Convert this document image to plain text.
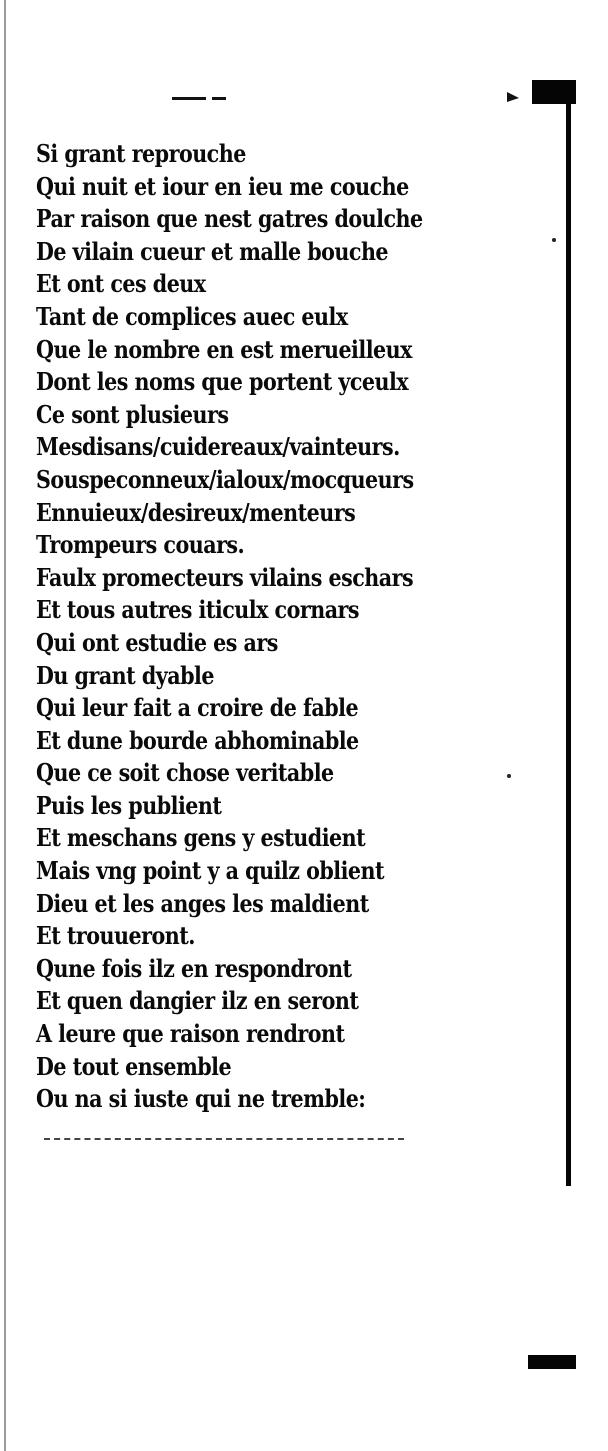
Si grant reprouche
Qui nuit et iour en ieu me couche
Par raison que nest gatres doulche
De vilain cueur et malle bouche
Et ont ces deux
Tant de complices auec eulx
Que le nombre en est merueilleux
Dont les noms que portent yceulx
Ce sont plusieurs
Mesdisans/cuidereaux/vainteurs.
Souspeconneux/ialoux/mocqueurs
Ennuieux/desireux/menteurs
Trompeurs couars.
Faulx promecteurs vilains eschars
Et tous autres iticulx cornars
Qui ont estudie es ars
Du grant dyable
Qui leur fait a croire de fable
Et dune bourde abhominable
Que ce soit chose veritable
Puis les publient
Et meschans gens y estudient
Mais vng point y a quilz oblient
Dieu et les anges les maldient
Et trouueront.
Qune fois ilz en respondront
Et quen dangier ilz en seront
A leure que raison rendront
De tout ensemble
Ou na si iuste qui ne tremble:
